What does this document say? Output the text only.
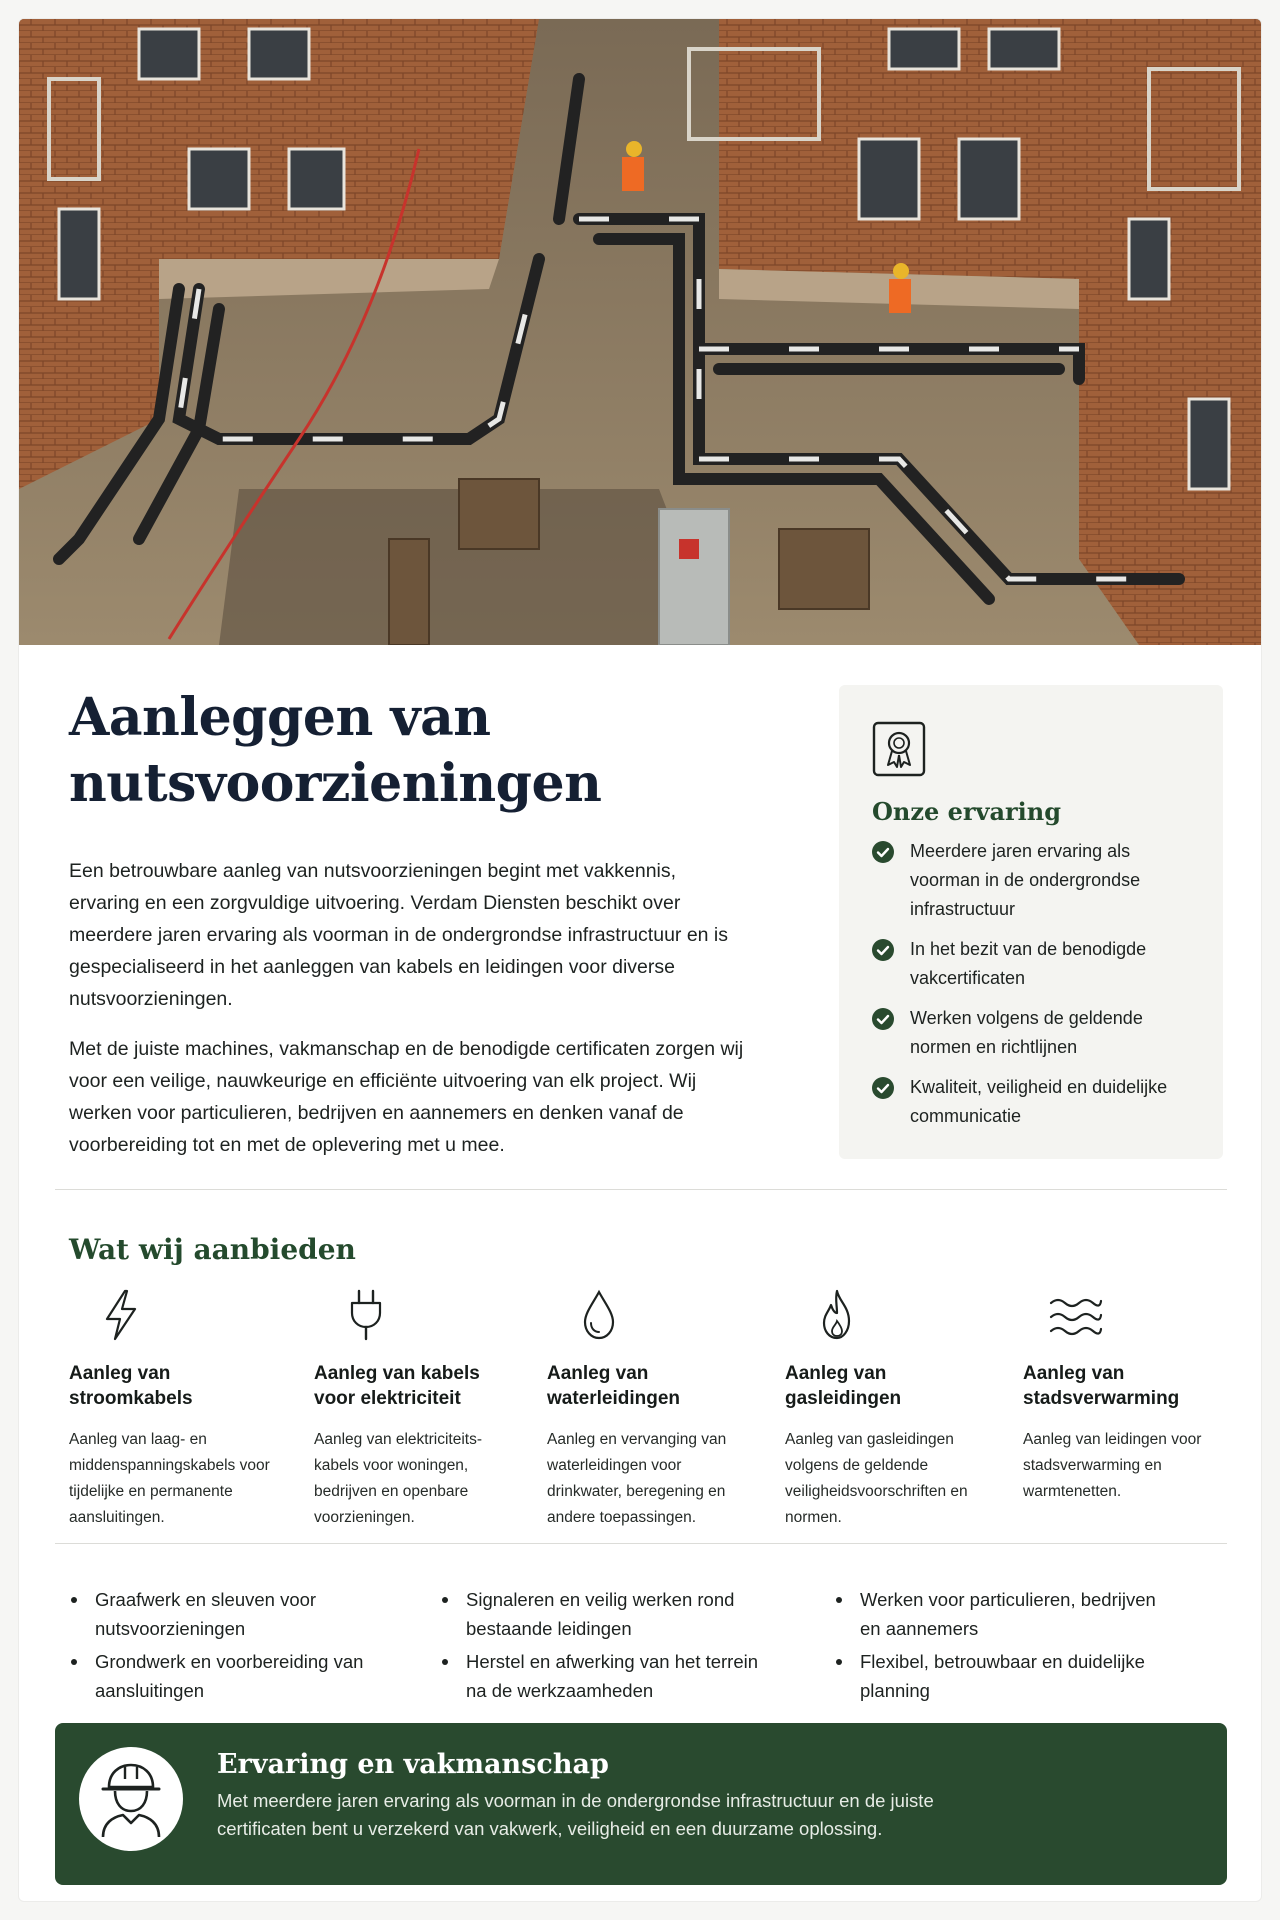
Aanleggen van nutsvoorzieningen

Een betrouwbare aanleg van nutsvoorzieningen begint met vakkennis, ervaring en een zorgvuldige uitvoering. Verdam Diensten beschikt over meerdere jaren ervaring als voorman in de ondergrondse infrastructuur en is gespecialiseerd in het aanleggen van kabels en leidingen voor diverse nutsvoorzieningen.

Met de juiste machines, vakmanschap en de benodigde certificaten zorgen wij voor een veilige, nauwkeurige en efficiënte uitvoering van elk project. Wij werken voor particulieren, bedrijven en aannemers en denken vanaf de voorbereiding tot en met de oplevering met u mee.

Onze ervaring
Meerdere jaren ervaring als voorman in de ondergrondse infrastructuur
In het bezit van de benodigde vakcertificaten
Werken volgens de geldende normen en richtlijnen
Kwaliteit, veiligheid en duidelijke communicatie
Wat wij aanbieden
Aanleg van stroomkabels

Aanleg van laag- en middenspanningskabels voor tijdelijke en permanente aansluitingen.

Aanleg van kabels voor elektriciteit

Aanleg van elektriciteits-kabels voor woningen, bedrijven en openbare voorzieningen.

Aanleg van waterleidingen

Aanleg en vervanging van waterleidingen voor drinkwater, beregening en andere toepassingen.

Aanleg van gasleidingen

Aanleg van gasleidingen volgens de geldende veiligheidsvoorschriften en normen.

Aanleg van stadsverwarming

Aanleg van leidingen voor stadsverwarming en warmtenetten.

Graafwerk en sleuven voor nutsvoorzieningen
Grondwerk en voorbereiding van aansluitingen
Signaleren en veilig werken rond bestaande leidingen
Herstel en afwerking van het terrein na de werkzaamheden
Werken voor particulieren, bedrijven en aannemers
Flexibel, betrouwbaar en duidelijke planning
Ervaring en vakmanschap

Met meerdere jaren ervaring als voorman in de ondergrondse infrastructuur en de juiste certificaten bent u verzekerd van vakwerk, veiligheid en een duurzame oplossing.
